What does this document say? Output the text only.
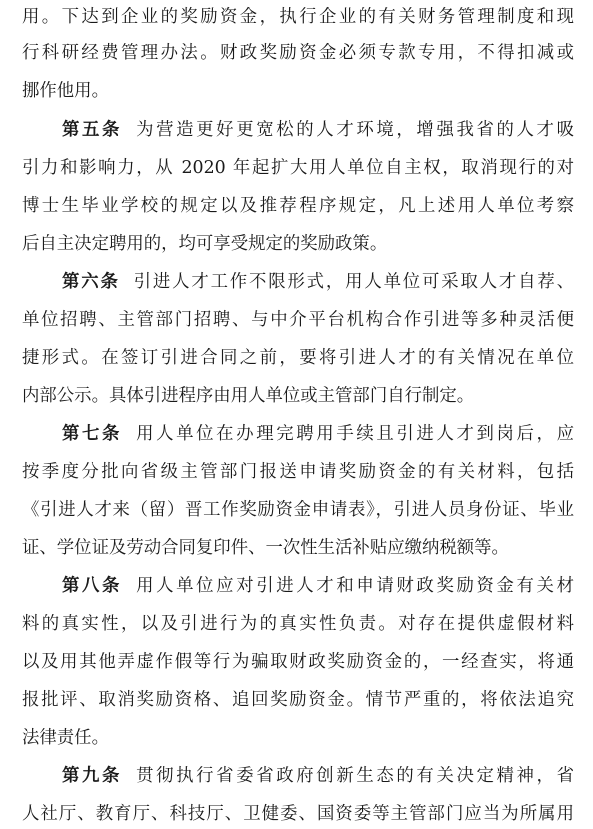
用。下达到企业的奖励资金，执行企业的有关财务管理制度和现
行科研经费管理办法。财政奖励资金必须专款专用，不得扣减或
挪作他用。
第五条 为营造更好更宽松的人才环境，增强我省的人才吸
引力和影响力，从 2020 年起扩大用人单位自主权，取消现行的对
博士生毕业学校的规定以及推荐程序规定，凡上述用人单位考察
后自主决定聘用的，均可享受规定的奖励政策。
第六条 引进人才工作不限形式，用人单位可采取人才自荐、
单位招聘、主管部门招聘、与中介平台机构合作引进等多种灵活便
捷形式。在签订引进合同之前，要将引进人才的有关情况在单位
内部公示。具体引进程序由用人单位或主管部门自行制定。
第七条 用人单位在办理完聘用手续且引进人才到岗后，应
按季度分批向省级主管部门报送申请奖励资金的有关材料，包括
《引进人才来（留）晋工作奖励资金申请表》，引进人员身份证、毕业
证、学位证及劳动合同复印件、一次性生活补贴应缴纳税额等。
第八条 用人单位应对引进人才和申请财政奖励资金有关材
料的真实性，以及引进行为的真实性负责。对存在提供虚假材料
以及用其他弄虚作假等行为骗取财政奖励资金的，一经查实，将通
报批评、取消奖励资格、追回奖励资金。情节严重的，将依法追究
法律责任。
第九条 贯彻执行省委省政府创新生态的有关决定精神，省
人社厅、教育厅、科技厅、卫健委、国资委等主管部门应当为所属用
